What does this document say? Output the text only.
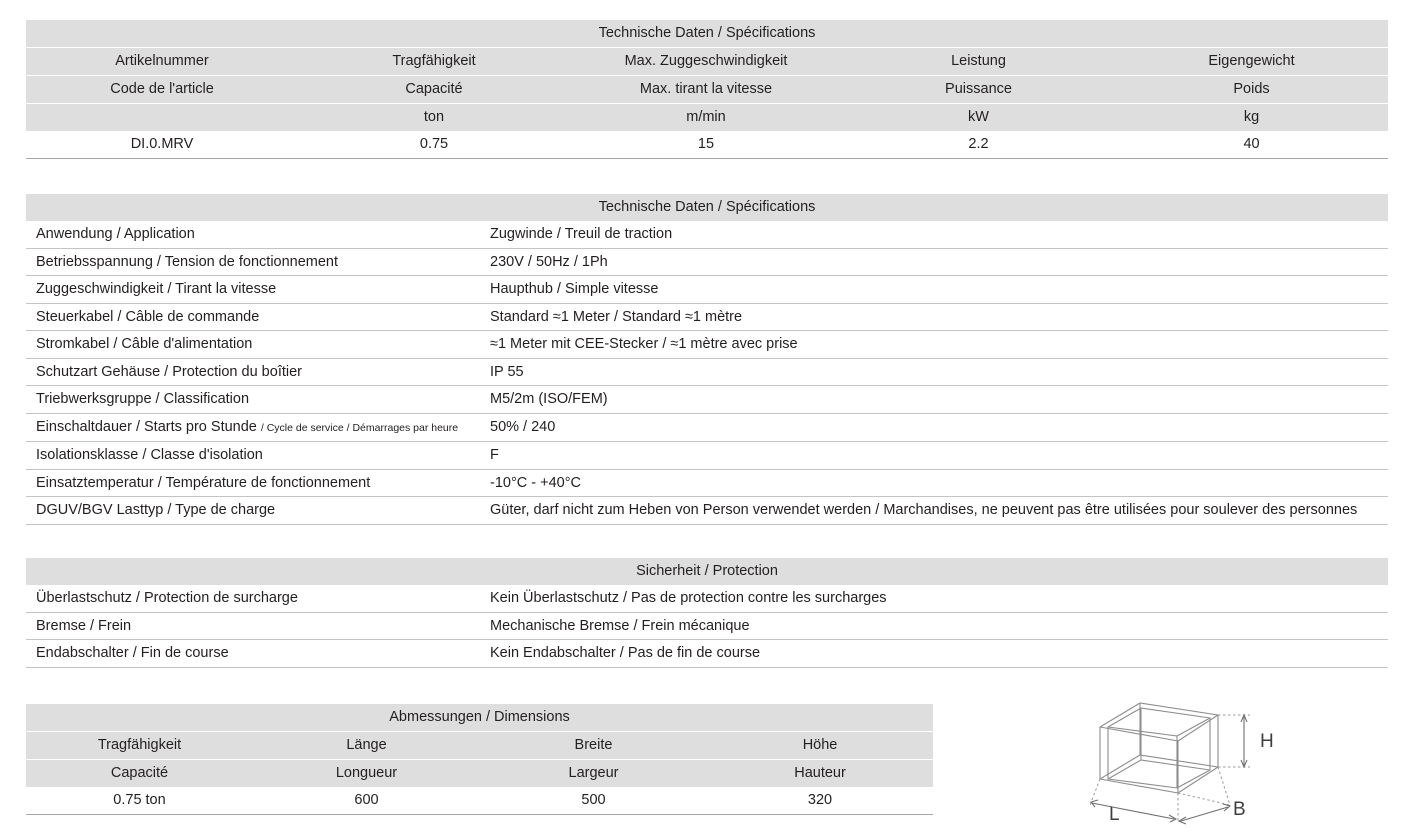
Technische Daten / Spécifications				
Artikelnummer	Tragfähigkeit	Max. Zuggeschwindigkeit	Leistung	Eigengewicht
Code de l'article	Capacité	Max. tirant la vitesse	Puissance	Poids
	ton	m/min	kW	kg
DI.0.MRV	0.75	15	2.2	40
Technische Daten / Spécifications	
Anwendung / Application	Zugwinde / Treuil de traction
Betriebsspannung / Tension de fonctionnement	230V / 50Hz / 1Ph
Zuggeschwindigkeit / Tirant la vitesse	Haupthub / Simple vitesse
Steuerkabel / Câble de commande	Standard ≈1 Meter / Standard ≈1 mètre
Stromkabel / Câble d'alimentation	≈1 Meter mit CEE-Stecker / ≈1 mètre avec prise
Schutzart Gehäuse / Protection du boîtier	IP 55
Triebwerksgruppe / Classification	M5/2m (ISO/FEM)
Einschaltdauer / Starts pro Stunde / Cycle de service / Démarrages par heure	50% / 240
Isolationsklasse / Classe d'isolation	F
Einsatztemperatur / Température de fonctionnement	-10°C - +40°C
DGUV/BGV Lasttyp / Type de charge	Güter, darf nicht zum Heben von Person verwendet werden / Marchandises, ne peuvent pas être utilisées pour soulever des personnes
Sicherheit / Protection	
Überlastschutz / Protection de surcharge	Kein Überlastschutz / Pas de protection contre les surcharges
Bremse / Frein	Mechanische Bremse / Frein mécanique
Endabschalter / Fin de course	Kein Endabschalter / Pas de fin de course
Abmessungen / Dimensions			
Tragfähigkeit	Länge	Breite	Höhe
Capacité	Longueur	Largeur	Hauteur
0.75 ton	600	500	320
H
L	B
